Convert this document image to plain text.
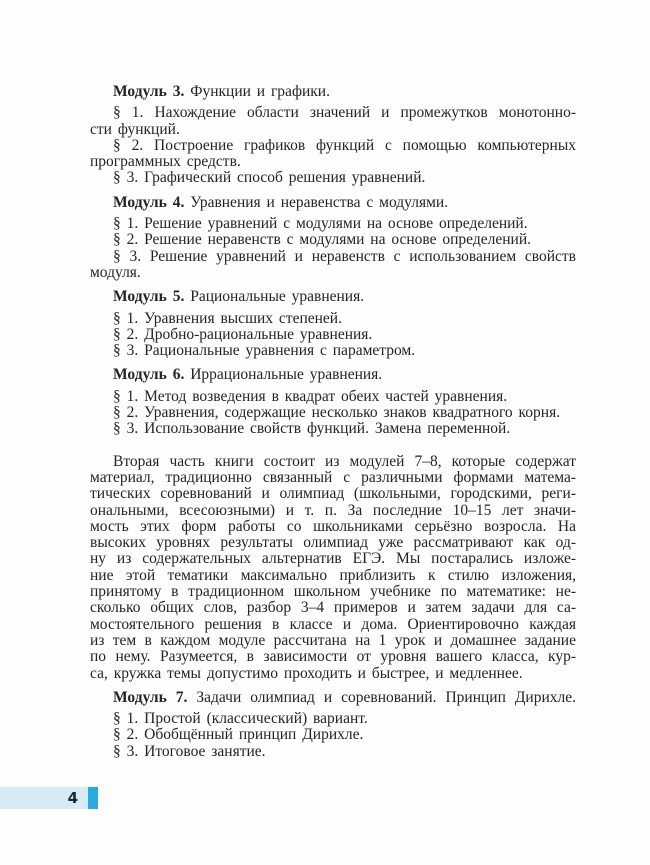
Модуль 3. Функции и графики.
§ 1. Нахождение области значений и промежутков монотонно-
сти функций.
§ 2. Построение графиков функций с помощью компьютерных
программных средств.
§ 3. Графический способ решения уравнений.
Модуль 4. Уравнения и неравенства с модулями.
§ 1. Решение уравнений с модулями на основе определений.
§ 2. Решение неравенств с модулями на основе определений.
§ 3. Решение уравнений и неравенств с использованием свойств
модуля.
Модуль 5. Рациональные уравнения.
§ 1. Уравнения высших степеней.
§ 2. Дробно-рациональные уравнения.
§ 3. Рациональные уравнения с параметром.
Модуль 6. Иррациональные уравнения.
§ 1. Метод возведения в квадрат обеих частей уравнения.
§ 2. Уравнения, содержащие несколько знаков квадратного корня.
§ 3. Использование свойств функций. Замена переменной.
Вторая часть книги состоит из модулей 7–8, которые содержат
материал, традиционно связанный с различными формами матема-
тических соревнований и олимпиад (школьными, городскими, реги-
ональными, всесоюзными) и т. п. За последние 10–15 лет значи-
мость этих форм работы со школьниками серьёзно возросла. На
высоких уровнях результаты олимпиад уже рассматривают как од-
ну из содержательных альтернатив ЕГЭ. Мы постарались изложе-
ние этой тематики максимально приблизить к стилю изложения,
принятому в традиционном школьном учебнике по математике: не-
сколько общих слов, разбор 3–4 примеров и затем задачи для са-
мостоятельного решения в классе и дома. Ориентировочно каждая
из тем в каждом модуле рассчитана на 1 урок и домашнее задание
по нему. Разумеется, в зависимости от уровня вашего класса, кур-
са, кружка темы допустимо проходить и быстрее, и медленнее.
Модуль 7. Задачи олимпиад и соревнований. Принцип Дирихле.
§ 1. Простой (классический) вариант.
§ 2. Обобщённый принцип Дирихле.
§ 3. Итоговое занятие.
4
